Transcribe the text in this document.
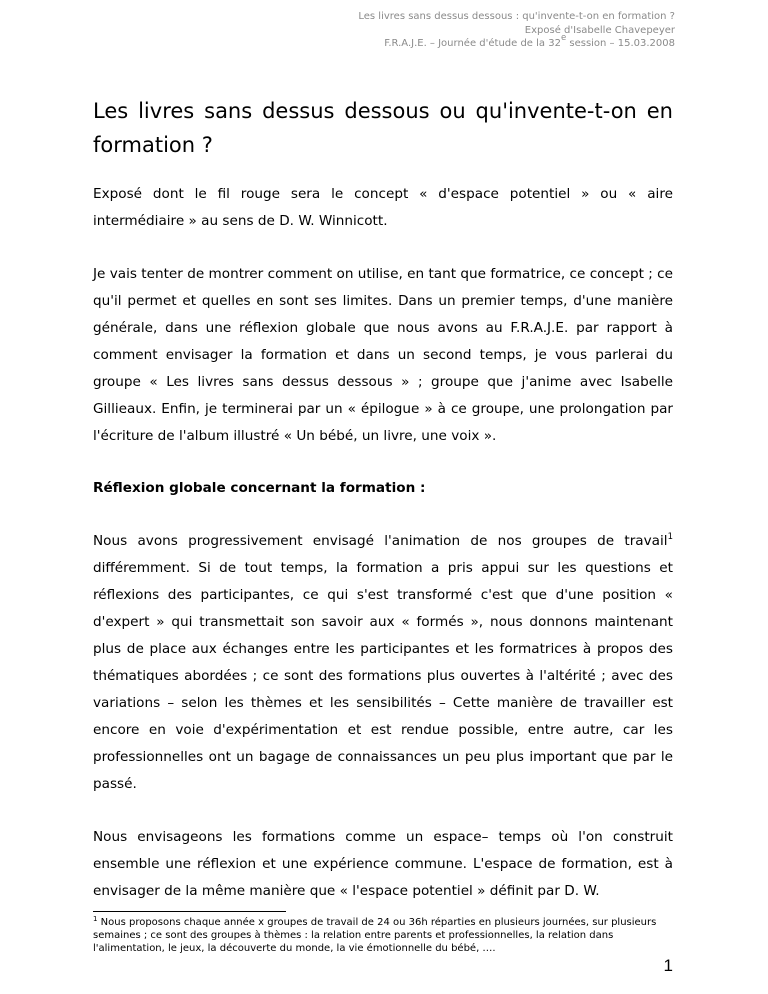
Les livres sans dessus dessous : qu'invente-t-on en formation ?
Exposé d'Isabelle Chavepeyer
F.R.A.J.E. – Journée d'étude de la 32e session – 15.03.2008
Les livres sans dessus dessous ou qu'invente-t-on en
formation ?

Exposé dont le fil rouge sera le concept « d'espace potentiel » ou « aire intermédiaire » au sens de D. W. Winnicott.

Je vais tenter de montrer comment on utilise, en tant que formatrice, ce concept ; ce qu'il permet et quelles en sont ses limites. Dans un premier temps, d'une manière générale, dans une réflexion globale que nous avons au F.R.A.J.E. par rapport à comment envisager la formation et dans un second temps, je vous parlerai du groupe « Les livres sans dessus dessous » ; groupe que j'anime avec Isabelle Gillieaux. Enfin, je terminerai par un « épilogue » à ce groupe, une prolongation par l'écriture de l'album illustré « Un bébé, un livre, une voix ».

Réflexion globale concernant la formation :

Nous avons progressivement envisagé l'animation de nos groupes de travail$^1$ différemment. Si de tout temps, la formation a pris appui sur les questions et réflexions des participantes, ce qui s'est transformé c'est que d'une position « d'expert » qui transmettait son savoir aux « formés », nous donnons maintenant plus de place aux échanges entre les participantes et les formatrices à propos des thématiques abordées ; ce sont des formations plus ouvertes à l'altérité ; avec des variations – selon les thèmes et les sensibilités – Cette manière de travailler est encore en voie d'expérimentation et est rendue possible, entre autre, car les professionnelles ont un bagage de connaissances un peu plus important que par le passé.

Nous envisageons les formations comme un espace– temps où l'on construit ensemble une réflexion et une expérience commune. L'espace de formation, est à envisager de la même manière que « l'espace potentiel » définit par D. W.

$^1$ Nous proposons chaque année x groupes de travail de 24 ou 36h réparties en plusieurs journées, sur plusieurs semaines ; ce sont des groupes à thèmes : la relation entre parents et professionnelles, la relation dans l'alimentation, le jeux, la découverte du monde, la vie émotionnelle du bébé, ….
1
